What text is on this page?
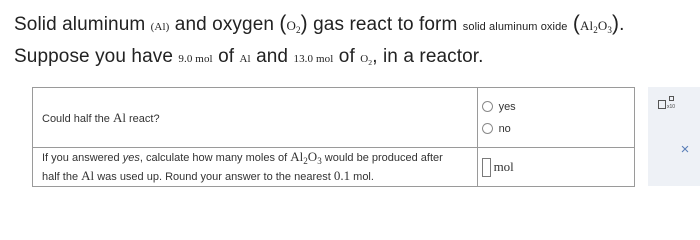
Solid aluminum (Al) and oxygen $(O_2)$ gas react to form solid aluminum oxide $(Al_2O_3)$.
Suppose you have 9.0 mol of Al and 13.0 mol of $O_2$, in a reactor.
Could half the Al react?	yes
no

If you answered yes, calculate how many moles of $Al_2O_3$ would be produced after
half the Al was used up. Round your answer to the nearest 0.1 mol.	mol
x10
×
